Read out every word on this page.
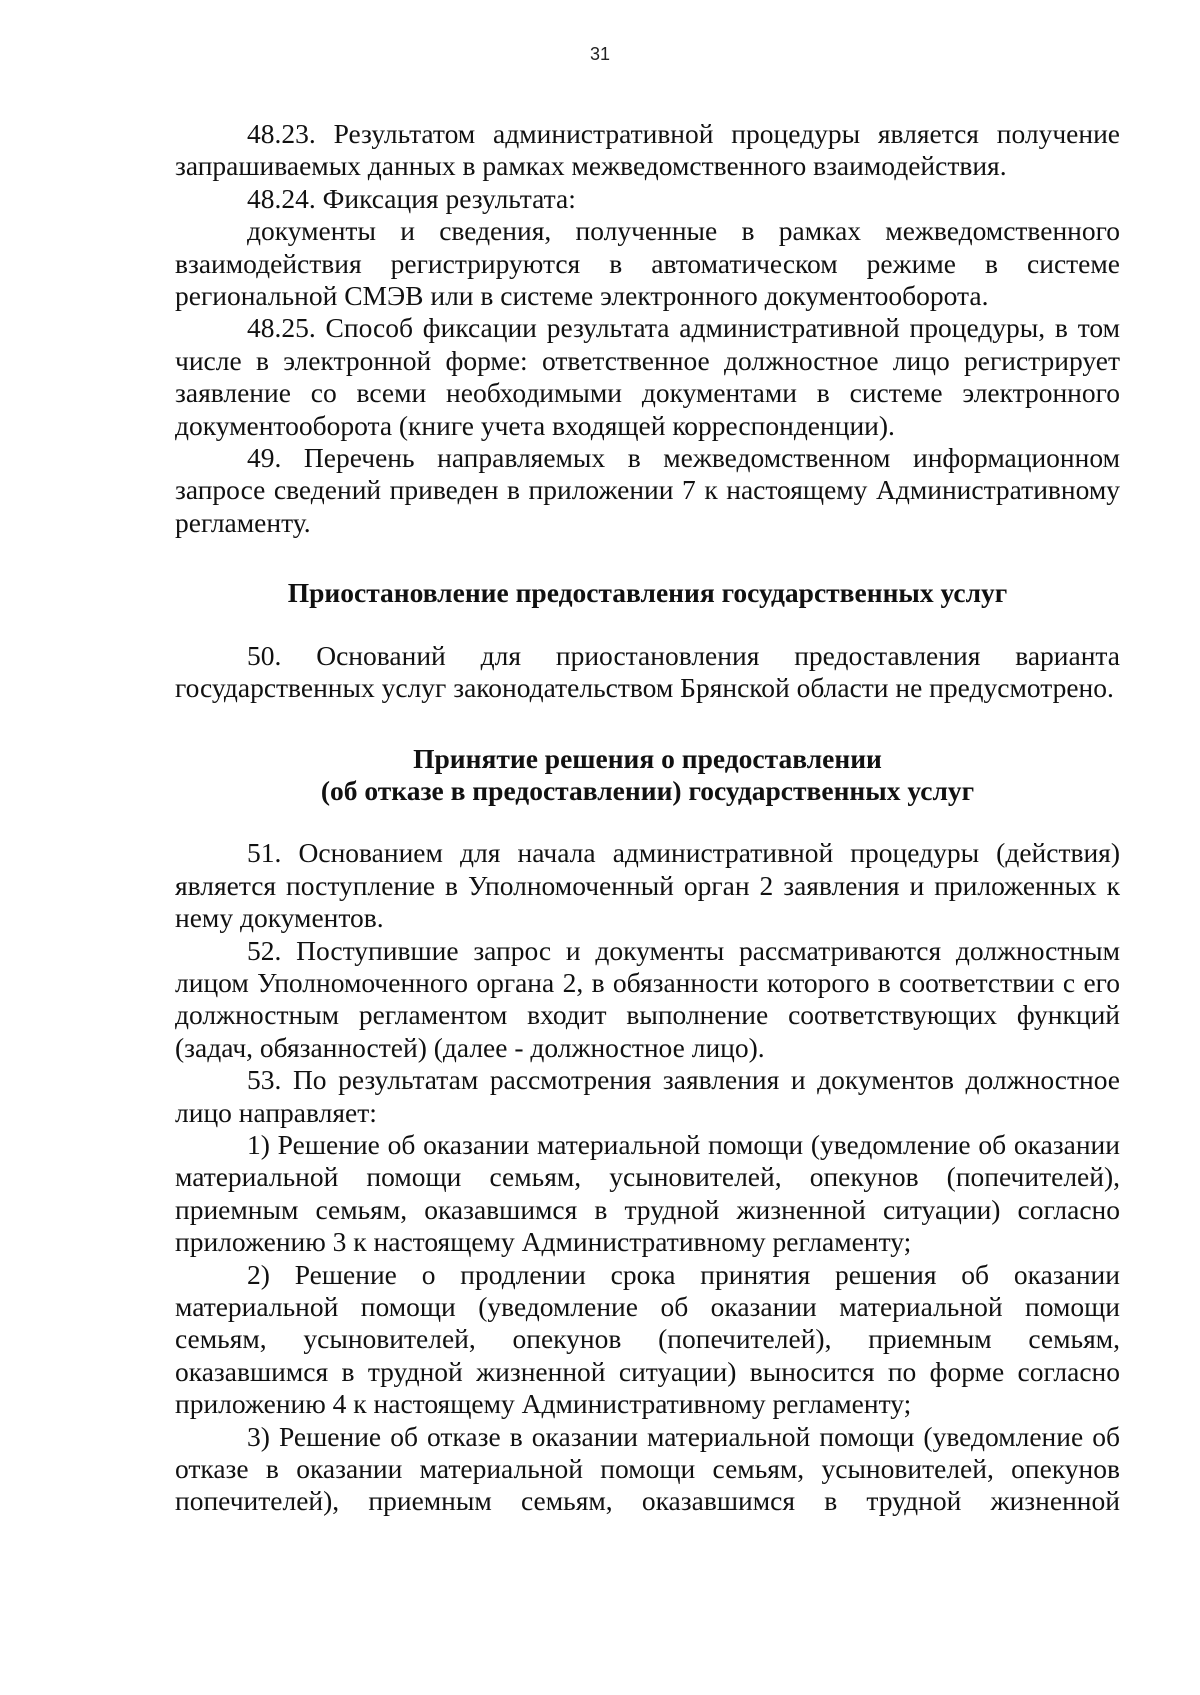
31

48.23. Результатом административной процедуры является получение запрашиваемых данных в рамках межведомственного взаимодействия.

48.24. Фиксация результата:

документы и сведения, полученные в рамках межведомственного взаимодействия регистрируются в автоматическом режиме в системе региональной СМЭВ или в системе электронного документооборота.

48.25. Способ фиксации результата административной процедуры, в том числе в электронной форме: ответственное должностное лицо регистрирует заявление со всеми необходимыми документами в системе электронного документооборота (книге учета входящей корреспонденции).

49. Перечень направляемых в межведомственном информационном запросе сведений приведен в приложении 7 к настоящему Административному регламенту.

Приостановление предоставления государственных услуг

50. Оснований для приостановления предоставления варианта государственных услуг законодательством Брянской области не предусмотрено.

Принятие решения о предоставлении
(об отказе в предоставлении) государственных услуг

51. Основанием для начала административной процедуры (действия) является поступление в Уполномоченный орган 2 заявления и приложенных к нему документов.

52. Поступившие запрос и документы рассматриваются должностным лицом Уполномоченного органа 2, в обязанности которого в соответствии с его должностным регламентом входит выполнение соответствующих функций (задач, обязанностей) (далее - должностное лицо).

53. По результатам рассмотрения заявления и документов должностное лицо направляет:

1) Решение об оказании материальной помощи (уведомление об оказании материальной помощи семьям, усыновителей, опекунов (попечителей), приемным семьям, оказавшимся в трудной жизненной ситуации) согласно приложению 3 к настоящему Административному регламенту;

2) Решение о продлении срока принятия решения об оказании материальной помощи (уведомление об оказании материальной помощи семьям, усыновителей, опекунов (попечителей), приемным семьям, оказавшимся в трудной жизненной ситуации) выносится по форме согласно приложению 4 к настоящему Административному регламенту;

3) Решение об отказе в оказании материальной помощи (уведомление об отказе в оказании материальной помощи семьям, усыновителей, опекунов попечителей), приемным семьям, оказавшимся в трудной жизненной
